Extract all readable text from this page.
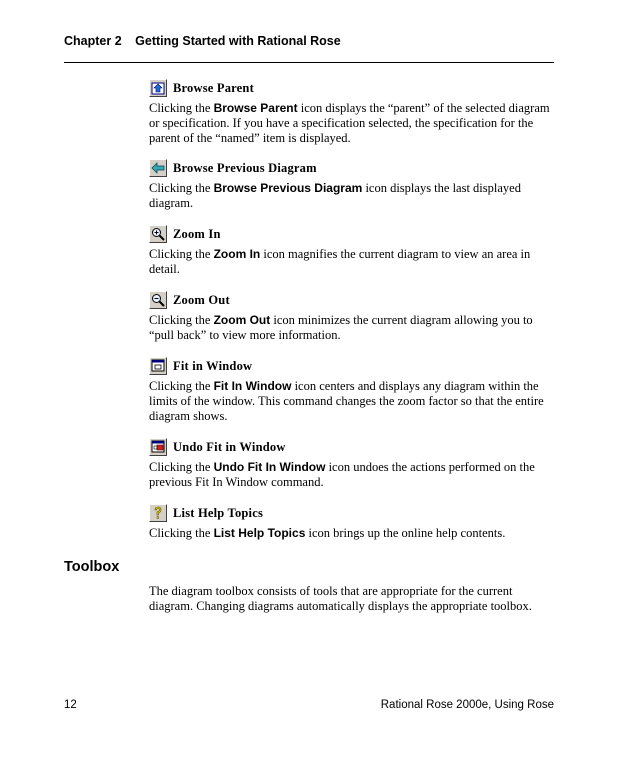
Chapter 2 Getting Started with Rational Rose
Browse Parent
Clicking the Browse Parent icon displays the “parent” of the selected diagram or specification. If you have a specification selected, the specification for the parent of the “named” item is displayed.
Browse Previous Diagram
Clicking the Browse Previous Diagram icon displays the last displayed diagram.
Zoom In
Clicking the Zoom In icon magnifies the current diagram to view an area in detail.
Zoom Out
Clicking the Zoom Out icon minimizes the current diagram allowing you to “pull back” to view more information.
Fit in Window
Clicking the Fit In Window icon centers and displays any diagram within the limits of the window. This command changes the zoom factor so that the entire diagram shows.
Undo Fit in Window
Clicking the Undo Fit In Window icon undoes the actions performed on the previous Fit In Window command.
List Help Topics
Clicking the List Help Topics icon brings up the online help contents.
Toolbox
The diagram toolbox consists of tools that are appropriate for the current diagram. Changing diagrams automatically displays the appropriate toolbox.
12	Rational Rose 2000e, Using Rose
